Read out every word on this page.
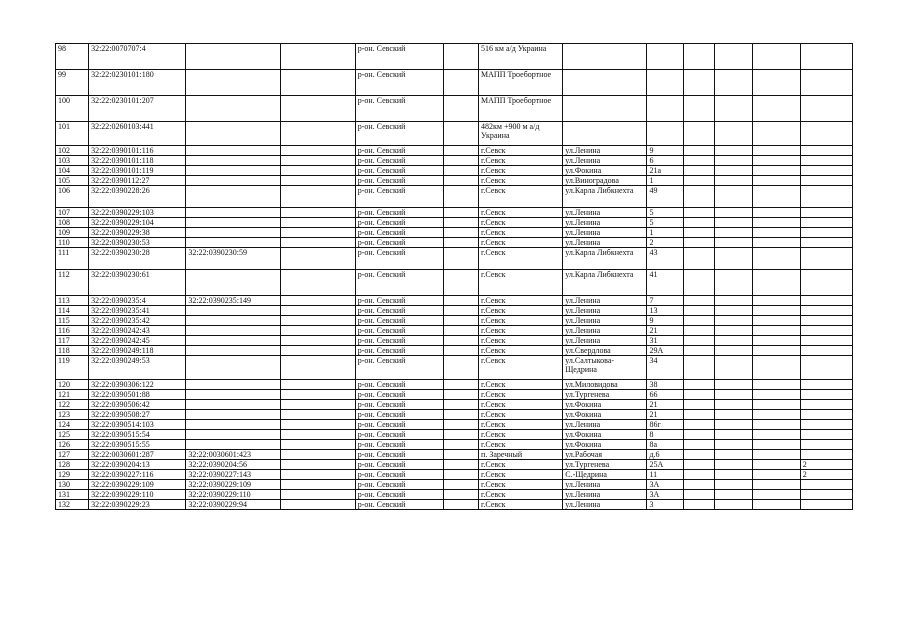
98	32:22:0070707:4			р-он. Севский		516 км а/д Украина						
99	32:22:0230101:180			р-он. Севский		МАПП Троебортное						
100	32:22:0230101:207			р-он. Севский		МАПП Троебортное						
101	32:22:0260103:441			р-он. Севский		482км +900 м а/д Украина						
102	32:22:0390101:116			р-он. Севский		г.Севск	ул.Ленина	9				
103	32:22:0390101:118			р-он. Севский		г.Севск	ул.Ленина	6				
104	32:22:0390101:119			р-он. Севский		г.Севск	ул.Фокина	21а				
105	32:22:0390112:27			р-он. Севский		г.Севск	ул.Виноградова	1				
106	32:22:0390228:26			р-он. Севский		г.Севск	ул.Карла Либкнехта	49				
107	32:22:0390229:103			р-он. Севский		г.Севск	ул.Ленина	5				
108	32:22:0390229:104			р-он. Севский		г.Севск	ул.Ленина	5				
109	32:22:0390229:38			р-он. Севский		г.Севск	ул.Ленина	1				
110	32:22:0390230:53			р-он. Севский		г.Севск	ул.Ленина	2				
111	32:22:0390230:28	32:22:0390230:59		р-он. Севский		г.Севск	ул.Карла Либкнехта	43				
112	32:22:0390230:61			р-он. Севский		г.Севск	ул.Карла Либкнехта	41				
113	32:22:0390235:4	32:22:0390235:149		р-он. Севский		г.Севск	ул.Ленина	7				
114	32:22:0390235:41			р-он. Севский		г.Севск	ул.Ленина	13				
115	32:22:0390235:42			р-он. Севский		г.Севск	ул.Ленина	9				
116	32:22:0390242:43			р-он. Севский		г.Севск	ул.Ленина	21				
117	32:22:0390242:45			р-он. Севский		г.Севск	ул.Ленина	31				
118	32:22:0390249:118			р-он. Севский		г.Севск	ул.Свердлова	29А				
119	32:22:0390249:53			р-он. Севский		г.Севск	ул.Салтыкова-Щедрина	34				
120	32:22:0390306:122			р-он. Севский		г.Севск	ул.Миловидова	38				
121	32:22:0390501:88			р-он. Севский		г.Севск	ул.Тургенева	66				
122	32:22:0390506:42			р-он. Севский		г.Севск	ул.Фокина	21				
123	32:22:0390508:27			р-он. Севский		г.Севск	ул.Фокина	21				
124	32:22:0390514:103			р-он. Севский		г.Севск	ул.Ленина	86г				
125	32:22:0390515:54			р-он. Севский		г.Севск	ул.Фокина	8				
126	32:22:0390515:55			р-он. Севский		г.Севск	ул.Фокина	8а				
127	32:22:0030601:287	32:22:0030601:423		р-он. Севский		п. Заречный	ул.Рабочая	д.6				
128	32:22:0390204:13	32:22:0390204:56		р-он. Севский		г.Севск	ул.Тургенева	25А				2
129	32:22:0390227:116	32:22:0390227:143		р-он. Севский		г.Севск	С.-Щедрина	11				2
130	32:22:0390229:109	32:22:0390229:109		р-он. Севский		г.Севск	ул.Ленина	3А				
131	32:22:0390229:110	32:22:0390229:110		р-он. Севский		г.Севск	ул.Ленина	3А				
132	32:22:0390229:23	32:22:0390229:94		р-он. Севский		г.Севск	ул.Ленина	3				
